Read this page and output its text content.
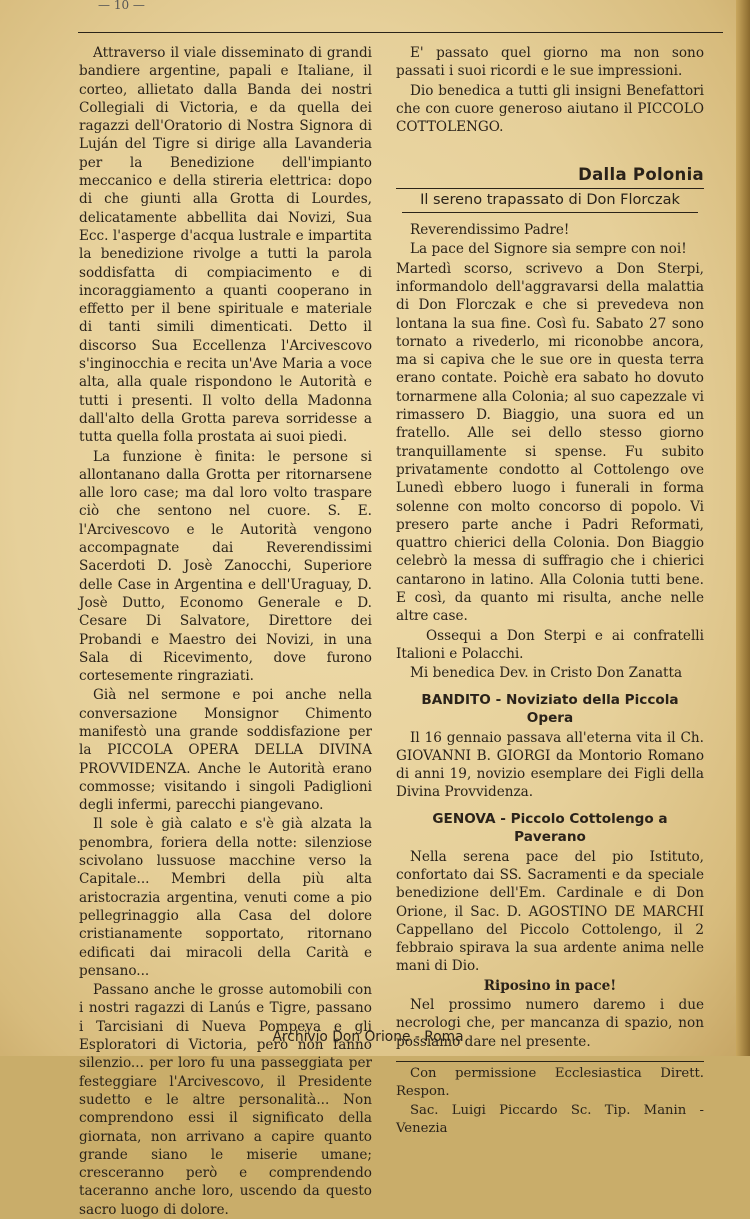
— 10 —

Attraverso il viale disseminato di grandi bandiere argentine, papali e Italiane, il corteo, allietato dalla Banda dei nostri Collegiali di Victoria, e da quella dei ragazzi dell'Oratorio di Nostra Signora di Luján del Tigre si dirige alla Lavanderia per la Benedizione dell'impianto meccanico e della stireria elettrica: dopo di che giunti alla Grotta di Lourdes, delicatamente abbellita dai Novizi, Sua Ecc. l'asperge d'acqua lustrale e impartita la benedizione rivolge a tutti la parola soddisfatta di compiacimento e di incoraggiamento a quanti cooperano in effetto per il bene spirituale e materiale di tanti simili dimenticati. Detto il discorso Sua Eccellenza l'Arcivescovo s'inginocchia e recita un'Ave Maria a voce alta, alla quale rispondono le Autorità e tutti i presenti. Il volto della Madonna dall'alto della Grotta pareva sorridesse a tutta quella folla prostata ai suoi piedi.

La funzione è finita: le persone si allontanano dalla Grotta per ritornarsene alle loro case; ma dal loro volto traspare ciò che sentono nel cuore. S. E. l'Arcivescovo e le Autorità vengono accompagnate dai Reverendissimi Sacerdoti D. Josè Zanocchi, Superiore delle Case in Argentina e dell'Uraguay, D. Josè Dutto, Economo Generale e D. Cesare Di Salvatore, Direttore dei Probandi e Maestro dei Novizi, in una Sala di Ricevimento, dove furono cortesemente ringraziati.

Già nel sermone e poi anche nella conversazione Monsignor Chimento manifestò una grande soddisfazione per la PICCOLA OPERA DELLA DIVINA PROVVIDENZA. Anche le Autorità erano commosse; visitando i singoli Padiglioni degli infermi, parecchi piangevano.

Il sole è già calato e s'è già alzata la penombra, foriera della notte: silenziose scivolano lussuose macchine verso la Capitale... Membri della più alta aristocrazia argentina, venuti come a pio pellegrinaggio alla Casa del dolore cristianamente sopportato, ritornano edificati dai miracoli della Carità e pensano...

Passano anche le grosse automobili con i nostri ragazzi di Lanús e Tigre, passano i Tarcisiani di Nueva Pompeya e gli Esploratori di Victoria, però non fanno silenzio... per loro fu una passeggiata per festeggiare l'Arcivescovo, il Presidente sudetto e le altre personalità... Non comprendono essi il significato della giornata, non arrivano a capire quanto grande siano le miserie umane; cresceranno però e comprendendo taceranno anche loro, uscendo da questo sacro luogo di dolore.

E' passato quel giorno ma non sono passati i suoi ricordi e le sue impressioni.

Dio benedica a tutti gli insigni Benefattori che con cuore generoso aiutano il PICCOLO COTTOLENGO.

Dalla Polonia
Il sereno trapassato di Don Florczak

Reverendissimo Padre!

La pace del Signore sia sempre con noi!

Martedì scorso, scrivevo a Don Sterpi, informandolo dell'aggravarsi della malattia di Don Florczak e che si prevedeva non lontana la sua fine. Così fu. Sabato 27 sono tornato a rivederlo, mi riconobbe ancora, ma si capiva che le sue ore in questa terra erano contate. Poichè era sabato ho dovuto tornarmene alla Colonia; al suo capezzale vi rimassero D. Biaggio, una suora ed un fratello. Alle sei dello stesso giorno tranquillamente si spense. Fu subito privatamente condotto al Cottolengo ove Lunedì ebbero luogo i funerali in forma solenne con molto concorso di popolo. Vi presero parte anche i Padri Reformati, quattro chierici della Colonia. Don Biaggio celebrò la messa di suffragio che i chierici cantarono in latino. Alla Colonia tutti bene. E così, da quanto mi risulta, anche nelle altre case.

Ossequi a Don Sterpi e ai confratelli Italioni e Polacchi.

Mi benedica Dev. in Cristo Don Zanatta

BANDITO - Noviziato della Piccola Opera

Il 16 gennaio passava all'eterna vita il Ch. GIOVANNI B. GIORGI da Montorio Romano di anni 19, novizio esemplare dei Figli della Divina Provvidenza.

GENOVA - Piccolo Cottolengo a Paverano

Nella serena pace del pio Istituto, confortato dai SS. Sacramenti e da speciale benedizione dell'Em. Cardinale e di Don Orione, il Sac. D. AGOSTINO DE MARCHI Cappellano del Piccolo Cottolengo, il 2 febbraio spirava la sua ardente anima nelle mani di Dio.

Riposino in pace!

Nel prossimo numero daremo i due necrologi che, per mancanza di spazio, non possiamo dare nel presente.

Con permissione Ecclesiastica Dirett. Respon.

Sac. Luigi Piccardo Sc. Tip. Manin - Venezia

Archivio Don Orione - Roma
